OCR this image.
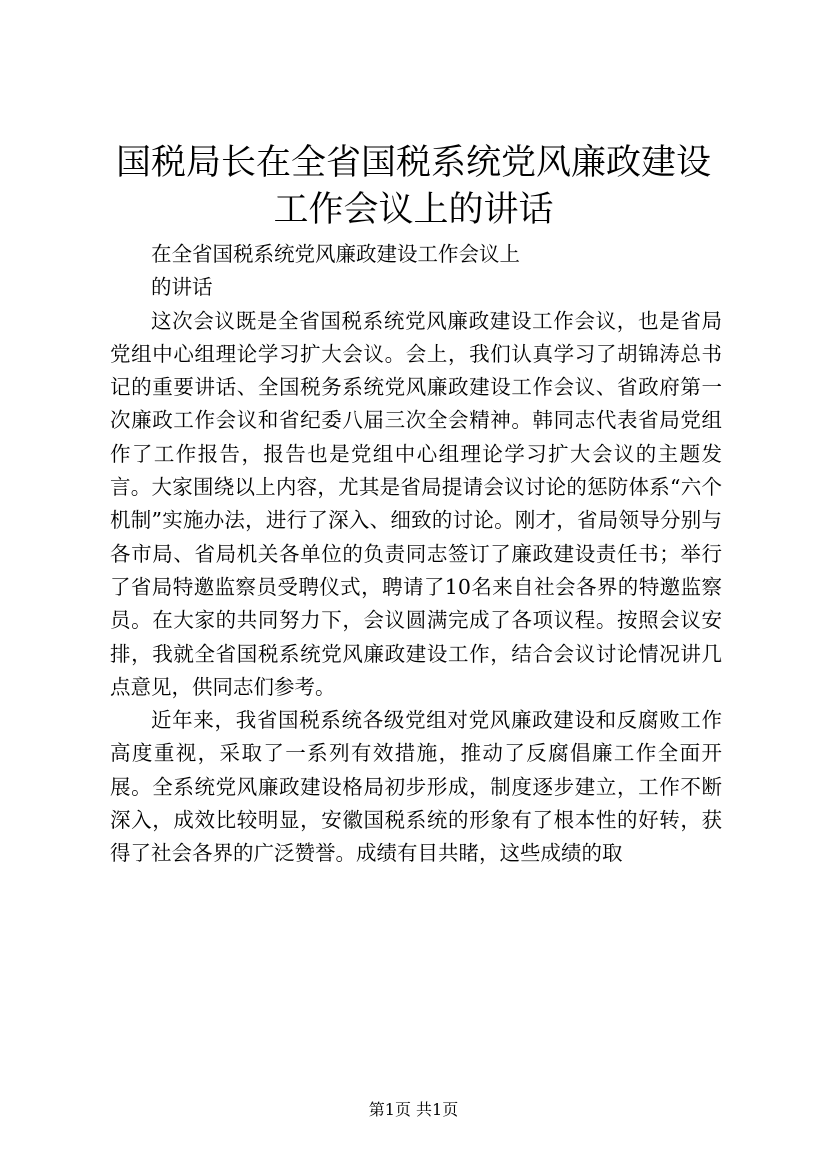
国税局长在全省国税系统党风廉政建设工作会议上的讲话

在全省国税系统党风廉政建设工作会议上

的讲话

这次会议既是全省国税系统党风廉政建设工作会议，也是省局党组中心组理论学习扩大会议。会上，我们认真学习了胡锦涛总书记的重要讲话、全国税务系统党风廉政建设工作会议、省政府第一次廉政工作会议和省纪委八届三次全会精神。韩同志代表省局党组作了工作报告，报告也是党组中心组理论学习扩大会议的主题发言。大家围绕以上内容，尤其是省局提请会议讨论的惩防体系“六个机制”实施办法，进行了深入、细致的讨论。刚才，省局领导分别与各市局、省局机关各单位的负责同志签订了廉政建设责任书；举行了省局特邀监察员受聘仪式，聘请了10名来自社会各界的特邀监察员。在大家的共同努力下，会议圆满完成了各项议程。按照会议安排，我就全省国税系统党风廉政建设工作，结合会议讨论情况讲几点意见，供同志们参考。

近年来，我省国税系统各级党组对党风廉政建设和反腐败工作高度重视，采取了一系列有效措施，推动了反腐倡廉工作全面开展。全系统党风廉政建设格局初步形成，制度逐步建立，工作不断深入，成效比较明显，安徽国税系统的形象有了根本性的好转，获得了社会各界的广泛赞誉。成绩有目共睹，这些成绩的取

第1页 共1页
